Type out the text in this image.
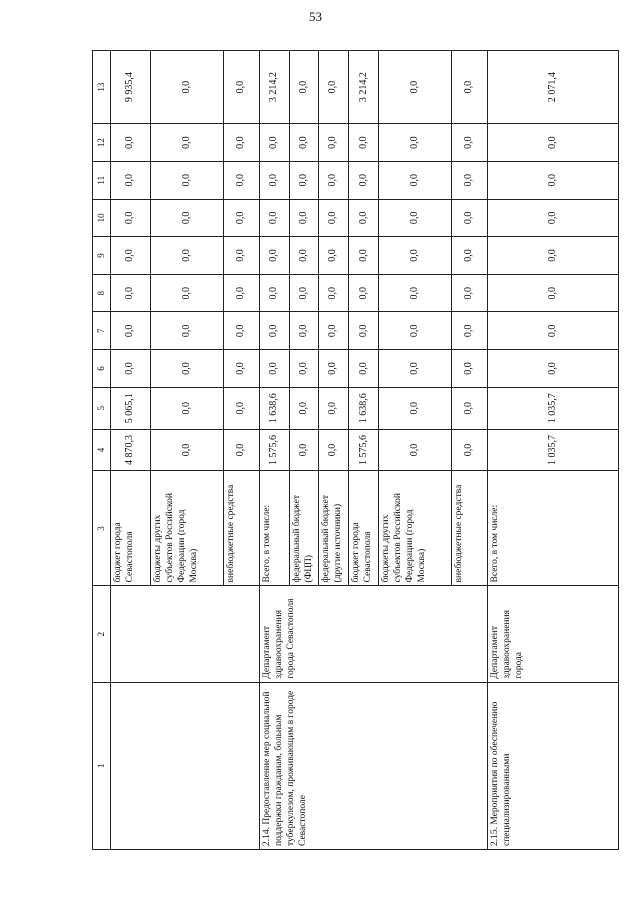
53
1	2	3	4	5	6	7	8	9	10	11	12	13
		бюджет города Севастополя	4 870,3	5 065,1	0,0	0,0	0,0	0,0	0,0	0,0	0,0	9 935,4
		бюджеты других субъектов Российской Федерации (город Москва)	0,0	0,0	0,0	0,0	0,0	0,0	0,0	0,0	0,0	0,0
		внебюджетные средства	0,0	0,0	0,0	0,0	0,0	0,0	0,0	0,0	0,0	0,0
2.14. Предоставление мер социальной поддержки гражданам, больным туберкулезом, проживающим в городе Севастополе	Департамент здравоохранения города Севастополя	Всего, в том числе:	1 575,6	1 638,6	0,0	0,0	0,0	0,0	0,0	0,0	0,0	3 214,2
		федеральный бюджет (ФЦП)	0,0	0,0	0,0	0,0	0,0	0,0	0,0	0,0	0,0	0,0
		федеральный бюджет (другие источники)	0,0	0,0	0,0	0,0	0,0	0,0	0,0	0,0	0,0	0,0
		бюджет города Севастополя	1 575,6	1 638,6	0,0	0,0	0,0	0,0	0,0	0,0	0,0	3 214,2
		бюджеты других субъектов Российской Федерации (город Москва)	0,0	0,0	0,0	0,0	0,0	0,0	0,0	0,0	0,0	0,0
		внебюджетные средства	0,0	0,0	0,0	0,0	0,0	0,0	0,0	0,0	0,0	0,0
2.15. Мероприятия по обеспечению специализированными	Департамент здравоохранения города	Всего, в том числе:	1 035,7	1 035,7	0,0	0,0	0,0	0,0	0,0	0,0	0,0	2 071,4
